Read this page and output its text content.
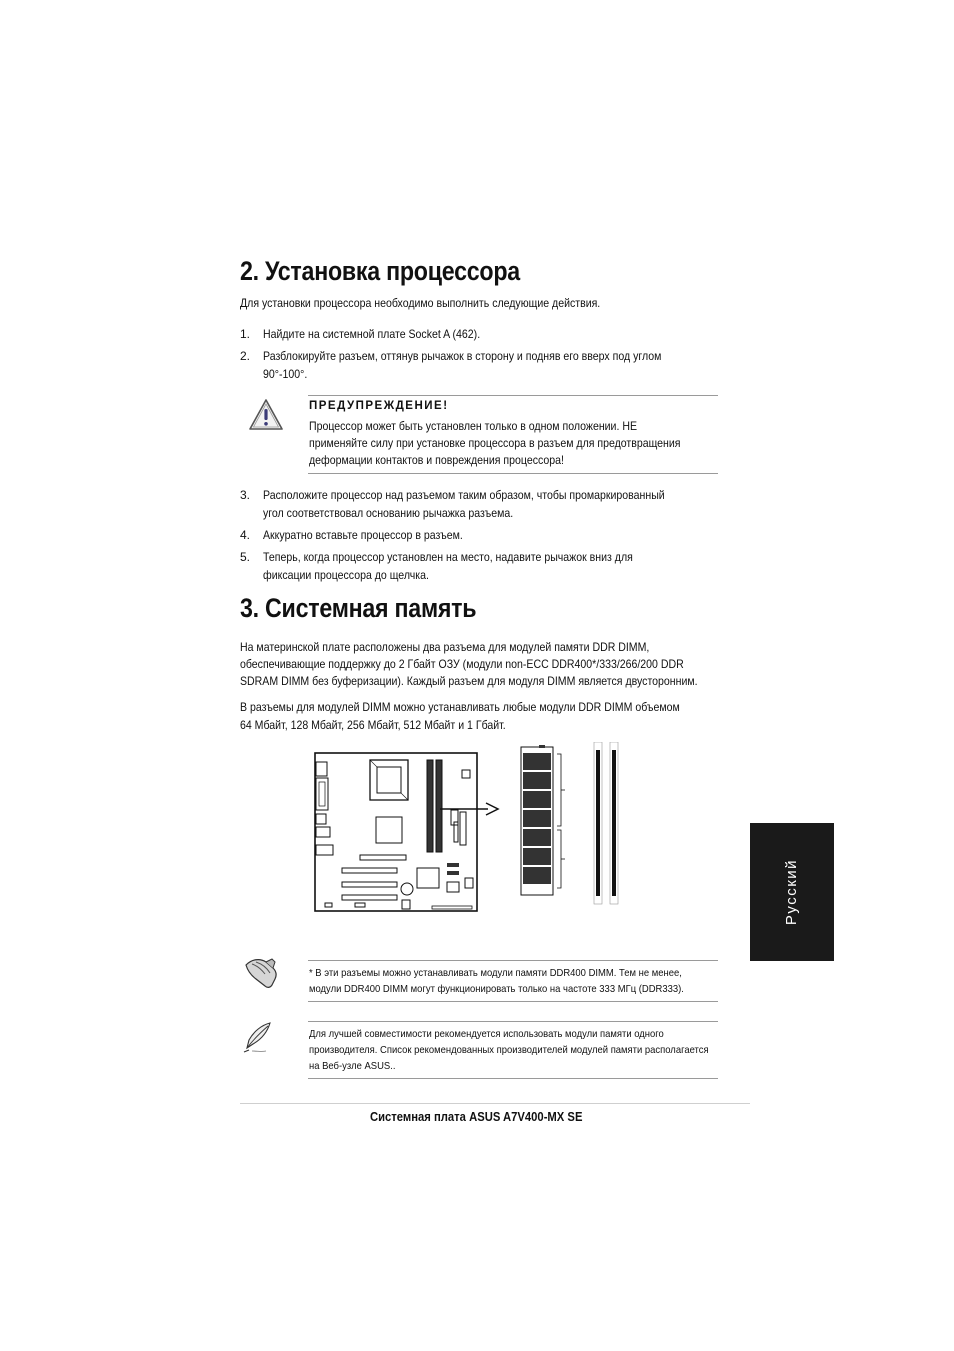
2. Установка процессора
Для установки процессора необходимо выполнить следующие действия.
1. Найдите на системной плате Socket A (462).
2. Разблокируйте разъем, оттянув рычажок в сторону и подняв его вверх под углом
90°-100°.
ПРЕДУПРЕЖДЕНИЕ!
Процессор может быть установлен только в одном положении. НЕ
применяйте силу при установке процессора в разъем для предотвращения
деформации контактов и повреждения процессора!
3. Расположите процессор над разъемом таким образом, чтобы промаркированный
угол соответствовал основанию рычажка разъема.
4. Аккуратно вставьте процессор в разъем.
5. Теперь, когда процессор установлен на место, надавите рычажок вниз для
фиксации процессора до щелчка.
3. Системная память
На материнской плате расположены два разъема для модулей памяти DDR DIMM,
обеспечивающие поддержку до 2 Гбайт ОЗУ (модули non-ECC DDR400*/333/266/200 DDR
SDRAM DIMM без буферизации). Каждый разъем для модуля DIMM является двусторонним.
В разъемы для модулей DIMM можно устанавливать любые модули DDR DIMM объемом
64 Мбайт, 128 Мбайт, 256 Мбайт, 512 Мбайт и 1 Гбайт.
* В эти разъемы можно устанавливать модули памяти DDR400 DIMM. Тем не менее,
модули DDR400 DIMM могут функционировать только на частоте 333 МГц (DDR333).
Для лучшей совместимости рекомендуется использовать модули памяти одного
производителя. Список рекомендованных производителей модулей памяти располагается
на Веб-узле ASUS..
Русский
Системная плата ASUS A7V400-MX SE
